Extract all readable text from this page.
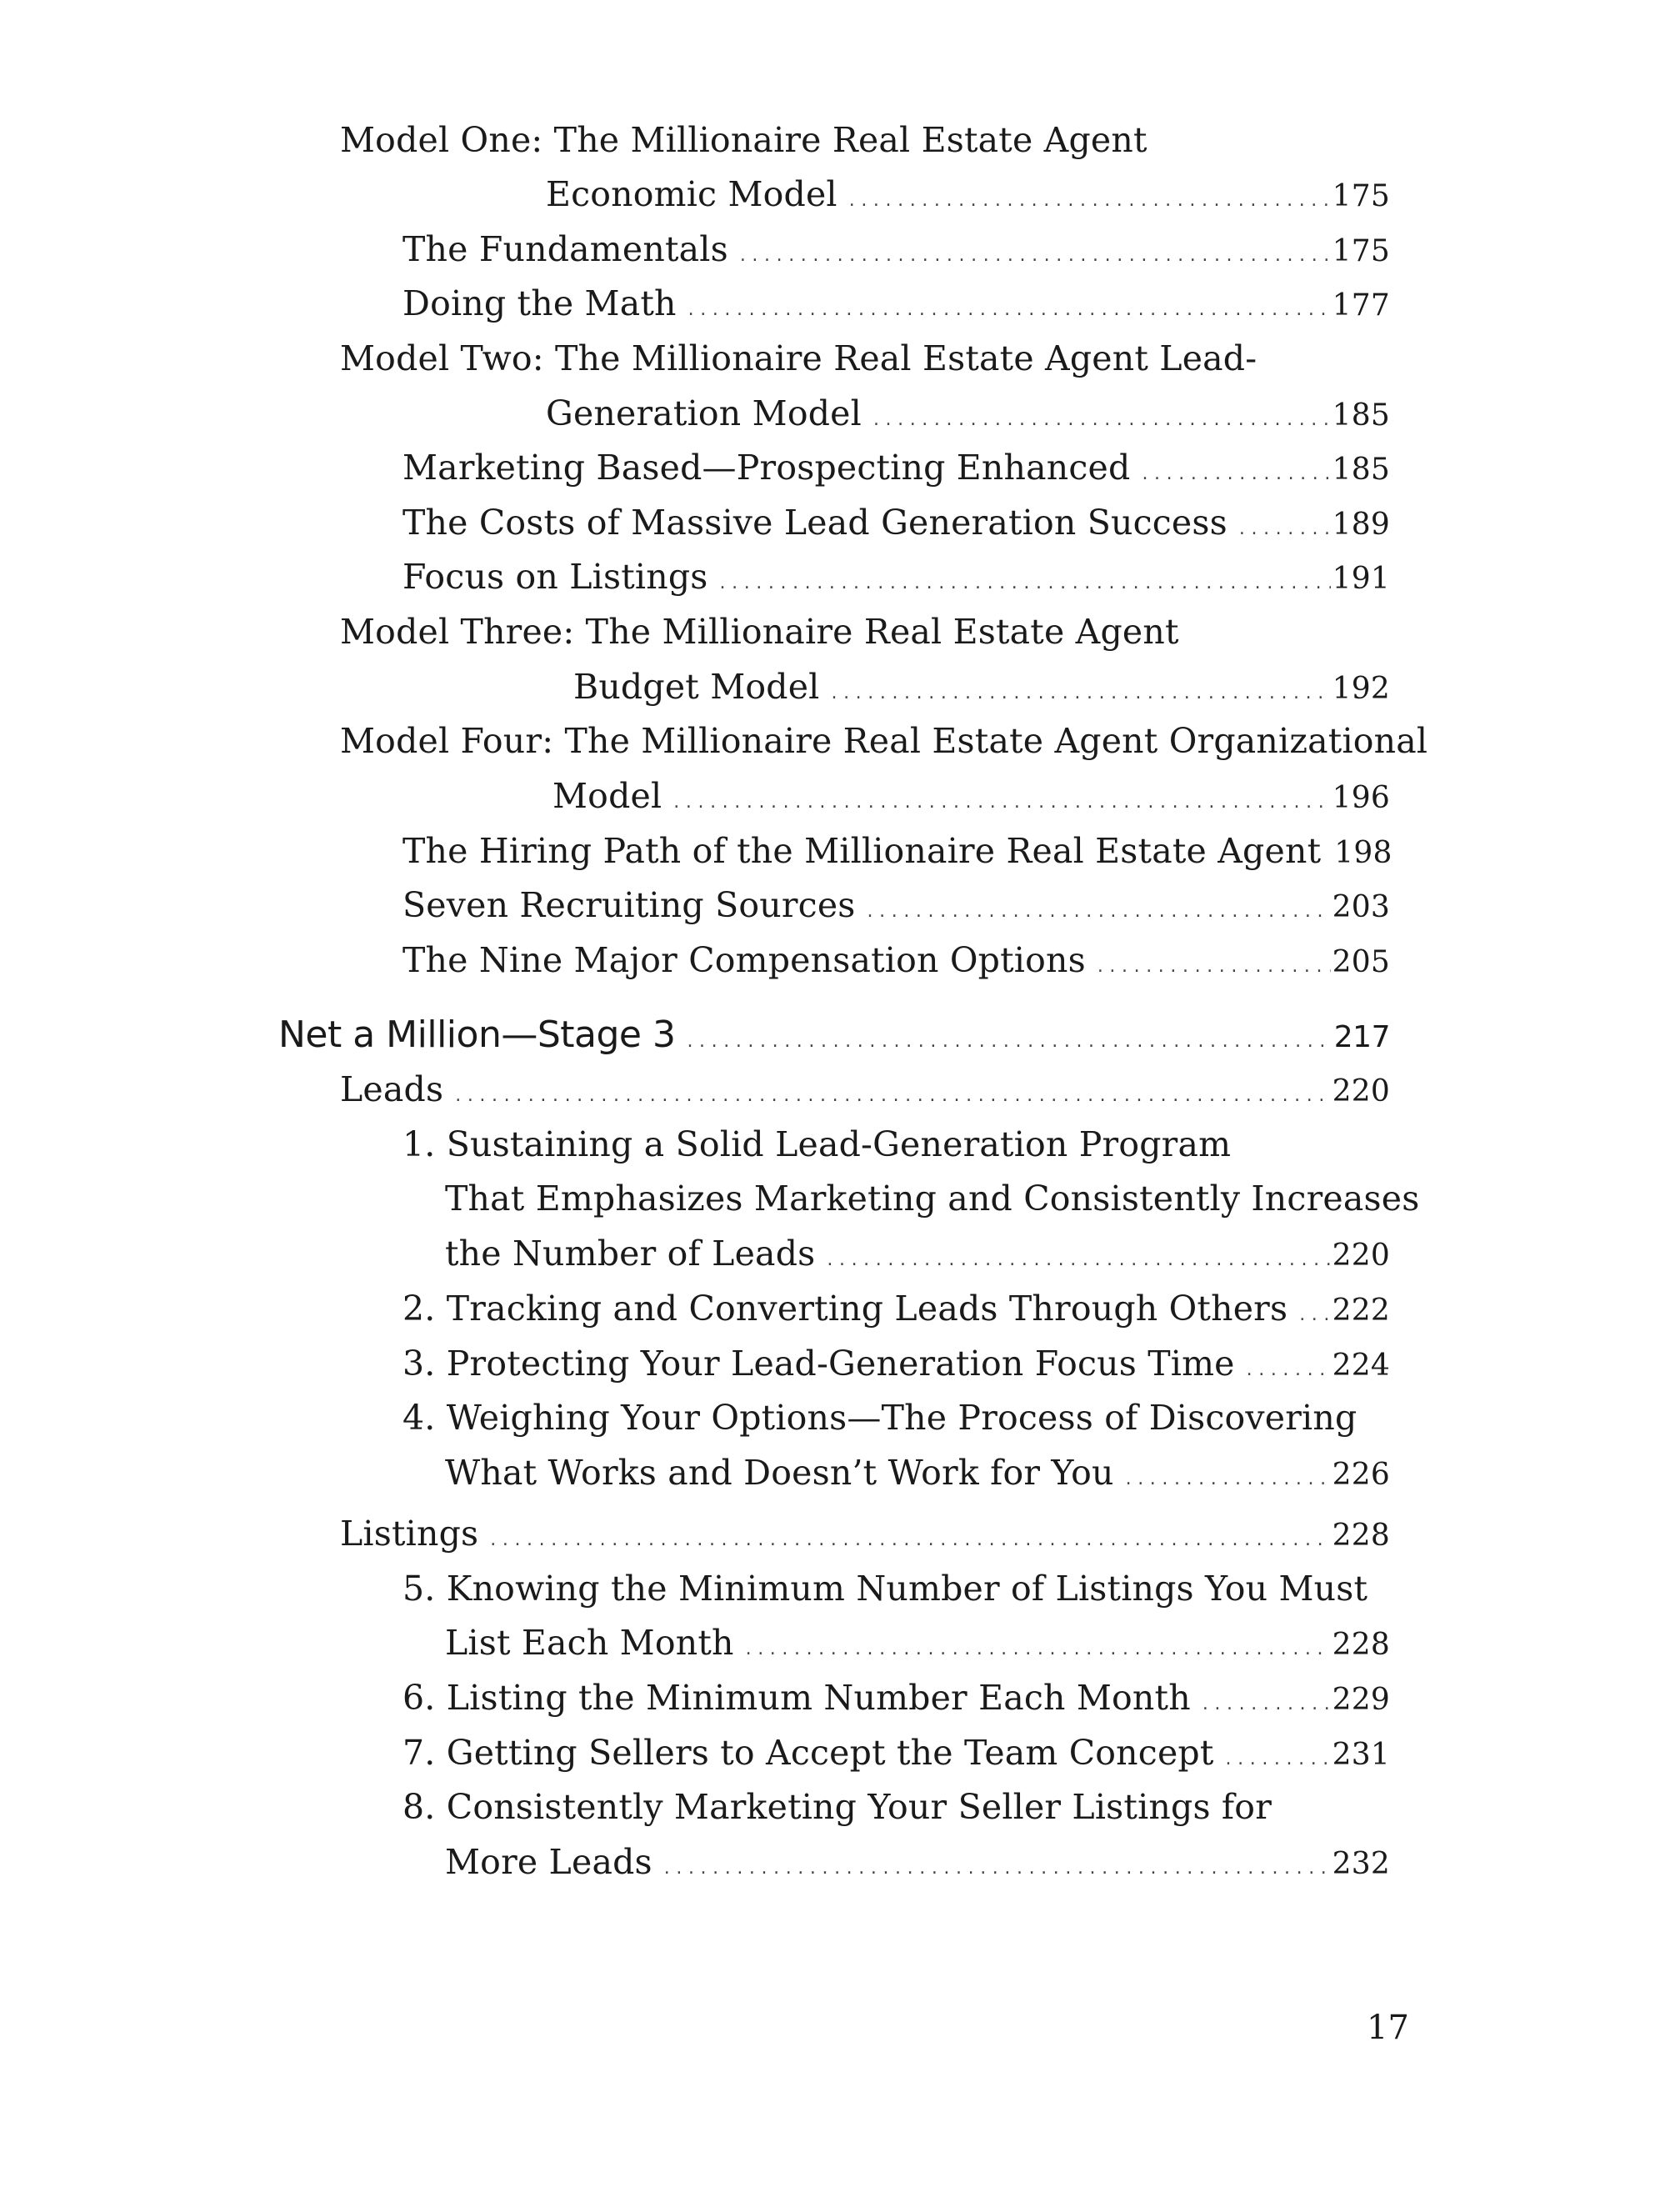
Model One: The Millionaire Real Estate Agent
Economic Model .....	175
The Fundamentals .....	175
Doing the Math .....	177
Model Two: The Millionaire Real Estate Agent Lead-
Generation Model .....	185
Marketing Based—Prospecting Enhanced .....	185
The Costs of Massive Lead Generation Success .....	189
Focus on Listings .....	191
Model Three: The Millionaire Real Estate Agent
Budget Model .....	192
Model Four: The Millionaire Real Estate Agent Organizational
Model .....	196
The Hiring Path of the Millionaire Real Estate Agent 198
Seven Recruiting Sources .....	203
The Nine Major Compensation Options .....	205
Net a Million—Stage 3 .....	217
Leads .....	220
1. Sustaining a Solid Lead-Generation Program
That Emphasizes Marketing and Consistently Increases
the Number of Leads .....	220
2. Tracking and Converting Leads Through Others ..... 222
3. Protecting Your Lead-Generation Focus Time .....	224
4. Weighing Your Options—The Process of Discovering
What Works and Doesn’t Work for You .....	226
Listings .....	228
5. Knowing the Minimum Number of Listings You Must
List Each Month .....	228
6. Listing the Minimum Number Each Month .....	229
7. Getting Sellers to Accept the Team Concept .....	231
8. Consistently Marketing Your Seller Listings for
More Leads .....	232
17
